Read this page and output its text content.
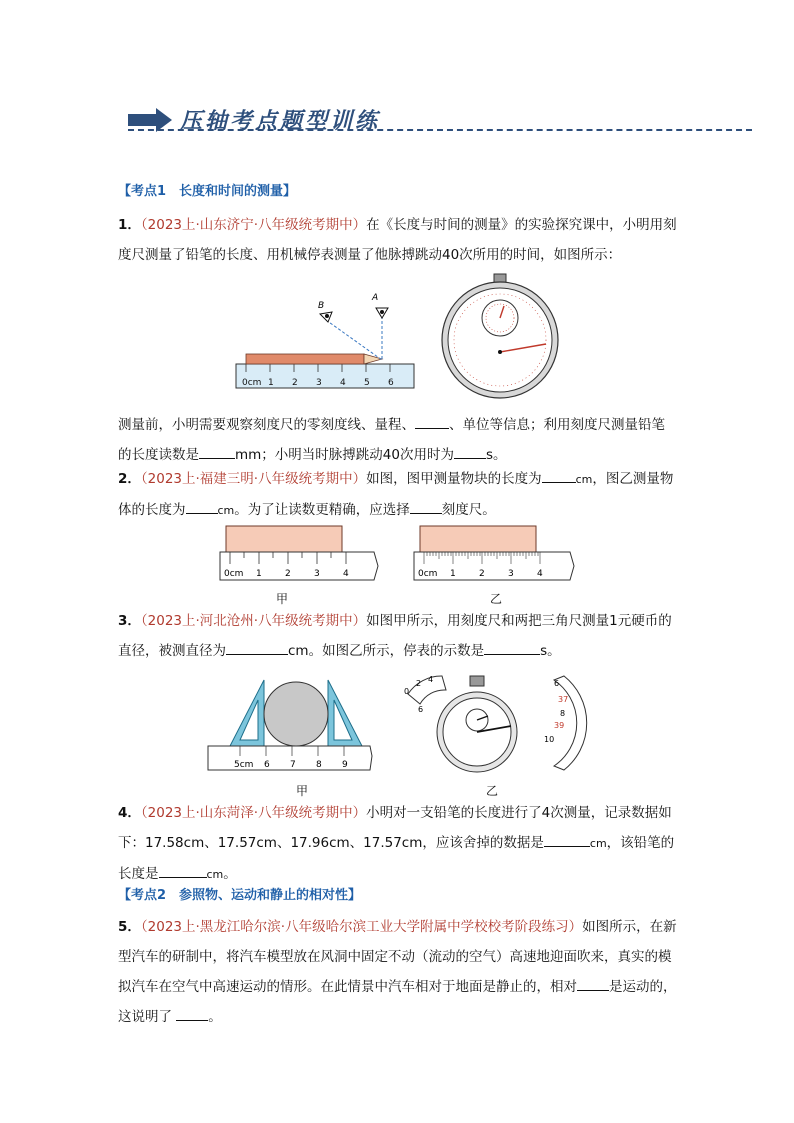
压轴考点题型训练
【考点1　长度和时间的测量】
1．（2023上·山东济宁·八年级统考期中）在《长度与时间的测量》的实验探究课中，小明用刻度尺测量了铅笔的长度、用机械停表测量了他脉搏跳动40次所用的时间，如图所示：
0cm 1 2 3 4 5 6
B
A
测量前，小明需要观察刻度尺的零刻度线、量程、	、单位等信息；利用刻度尺测量铅笔的长度读数是	mm；小明当时脉搏跳动40次用时为 s。
2．（2023上·福建三明·八年级统考期中）如图，图甲测量物块的长度为	cm，图乙测量物体的长度为	cm。为了让读数更精确，应选择 刻度尺。
0cm 1	2	3	4
甲
0cm 1	2	3	4
乙
3．（2023上·河北沧州·八年级统考期中）如图甲所示，用刻度尺和两把三角尺测量1元硬币的直径，被测直径为	cm。如图乙所示，停表的示数是	s。
5cm 6 7 8 9
甲
0
2 4
6
6
37
8
39
10
乙
4．（2023上·山东菏泽·八年级统考期中）小明对一支铅笔的长度进行了4次测量，记录数据如下：17.58cm、17.57cm、17.96cm、17.57cm，应该舍掉的数据是	cm，该铅笔的长度是	cm。
【考点2　参照物、运动和静止的相对性】
5．（2023上·黑龙江哈尔滨·八年级哈尔滨工业大学附属中学校校考阶段练习）如图所示，在新型汽车的研制中，将汽车模型放在风洞中固定不动（流动的空气）高速地迎面吹来，真实的模拟汽车在空气中高速运动的情形。在此情景中汽车相对于地面是静止的，相对 是运动的，这说明了	。
